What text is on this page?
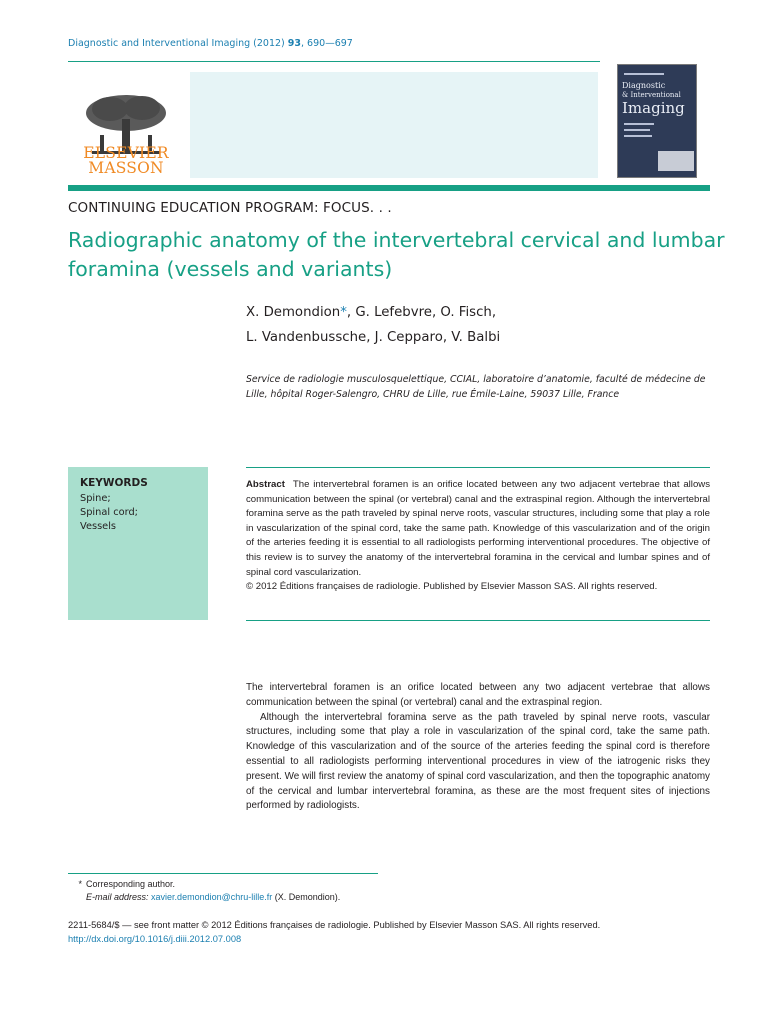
Diagnostic and Interventional Imaging (2012) 93, 690—697
ELSEVIER
MASSON
Diagnostic
& Interventional
Imaging
CONTINUING EDUCATION PROGRAM: FOCUS. . .
Radiographic anatomy of the intervertebral cervical and lumbar foramina (vessels and variants)
X. Demondion*, G. Lefebvre, O. Fisch,
L. Vandenbussche, J. Cepparo, V. Balbi
Service de radiologie musculosquelettique, CCIAL, laboratoire d’anatomie, faculté de médecine de Lille, hôpital Roger-Salengro, CHRU de Lille, rue Émile-Laine, 59037 Lille, France
KEYWORDS
Spine;
Spinal cord;
Vessels

Abstract The intervertebral foramen is an orifice located between any two adjacent vertebrae that allows communication between the spinal (or vertebral) canal and the extraspinal region. Although the intervertebral foramina serve as the path traveled by spinal nerve roots, vascular structures, including some that play a role in vascularization of the spinal cord, take the same path. Knowledge of this vascularization and of the origin of the arteries feeding it is essential to all radiologists performing interventional procedures. The objective of this review is to survey the anatomy of the intervertebral foramina in the cervical and lumbar spines and of spinal cord vascularization.

© 2012 Éditions françaises de radiologie. Published by Elsevier Masson SAS. All rights reserved.

The intervertebral foramen is an orifice located between any two adjacent vertebrae that allows communication between the spinal (or vertebral) canal and the extraspinal region.

Although the intervertebral foramina serve as the path traveled by spinal nerve roots, vascular structures, including some that play a role in vascularization of the spinal cord, take the same path. Knowledge of this vascularization and of the source of the arteries feeding the spinal cord is therefore essential to all radiologists performing interventional procedures in view of the iatrogenic risks they present. We will first review the anatomy of spinal cord vascularization, and then the topographic anatomy of the cervical and lumbar intervertebral foramina, as these are the most frequent sites of injections performed by radiologists.

* Corresponding author.
E-mail address: xavier.demondion@chru-lille.fr (X. Demondion).
2211-5684/$ — see front matter © 2012 Éditions françaises de radiologie. Published by Elsevier Masson SAS. All rights reserved.
http://dx.doi.org/10.1016/j.diii.2012.07.008
